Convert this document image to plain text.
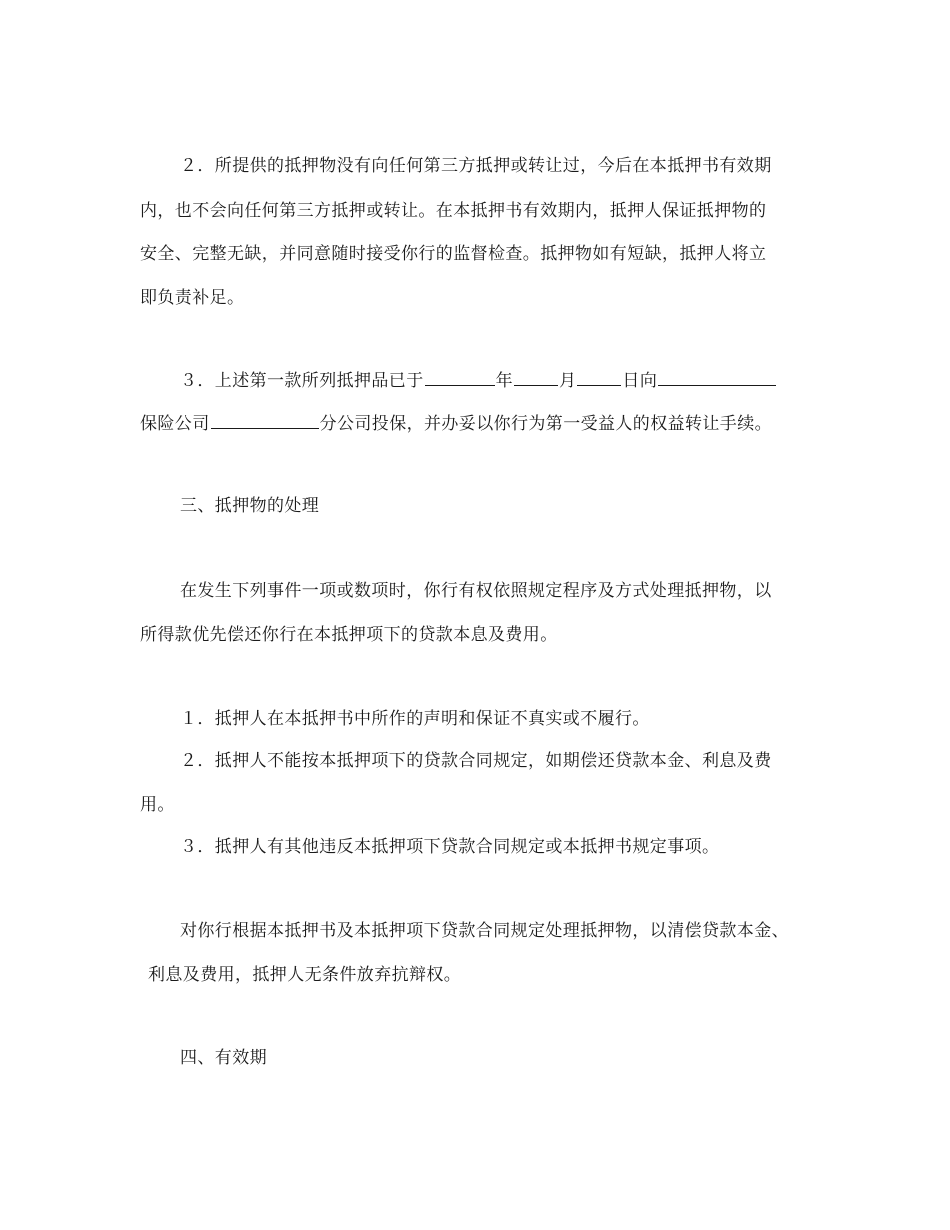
２．所提供的抵押物没有向任何第三方抵押或转让过，今后在本抵押书有效期
内，也不会向任何第三方抵押或转让。在本抵押书有效期内，抵押人保证抵押物的
安全、完整无缺，并同意随时接受你行的监督检查。抵押物如有短缺，抵押人将立
即负责补足。
３．上述第一款所列抵押品已于	年	月	日向
保险公司	分公司投保，并办妥以你行为第一受益人的权益转让手续。
三、抵押物的处理
在发生下列事件一项或数项时，你行有权依照规定程序及方式处理抵押物，以
所得款优先偿还你行在本抵押项下的贷款本息及费用。
１．抵押人在本抵押书中所作的声明和保证不真实或不履行。
２．抵押人不能按本抵押项下的贷款合同规定，如期偿还贷款本金、利息及费
用。
３．抵押人有其他违反本抵押项下贷款合同规定或本抵押书规定事项。
对你行根据本抵押书及本抵押项下贷款合同规定处理抵押物，以清偿贷款本金、
利息及费用，抵押人无条件放弃抗辩权。
四、有效期
